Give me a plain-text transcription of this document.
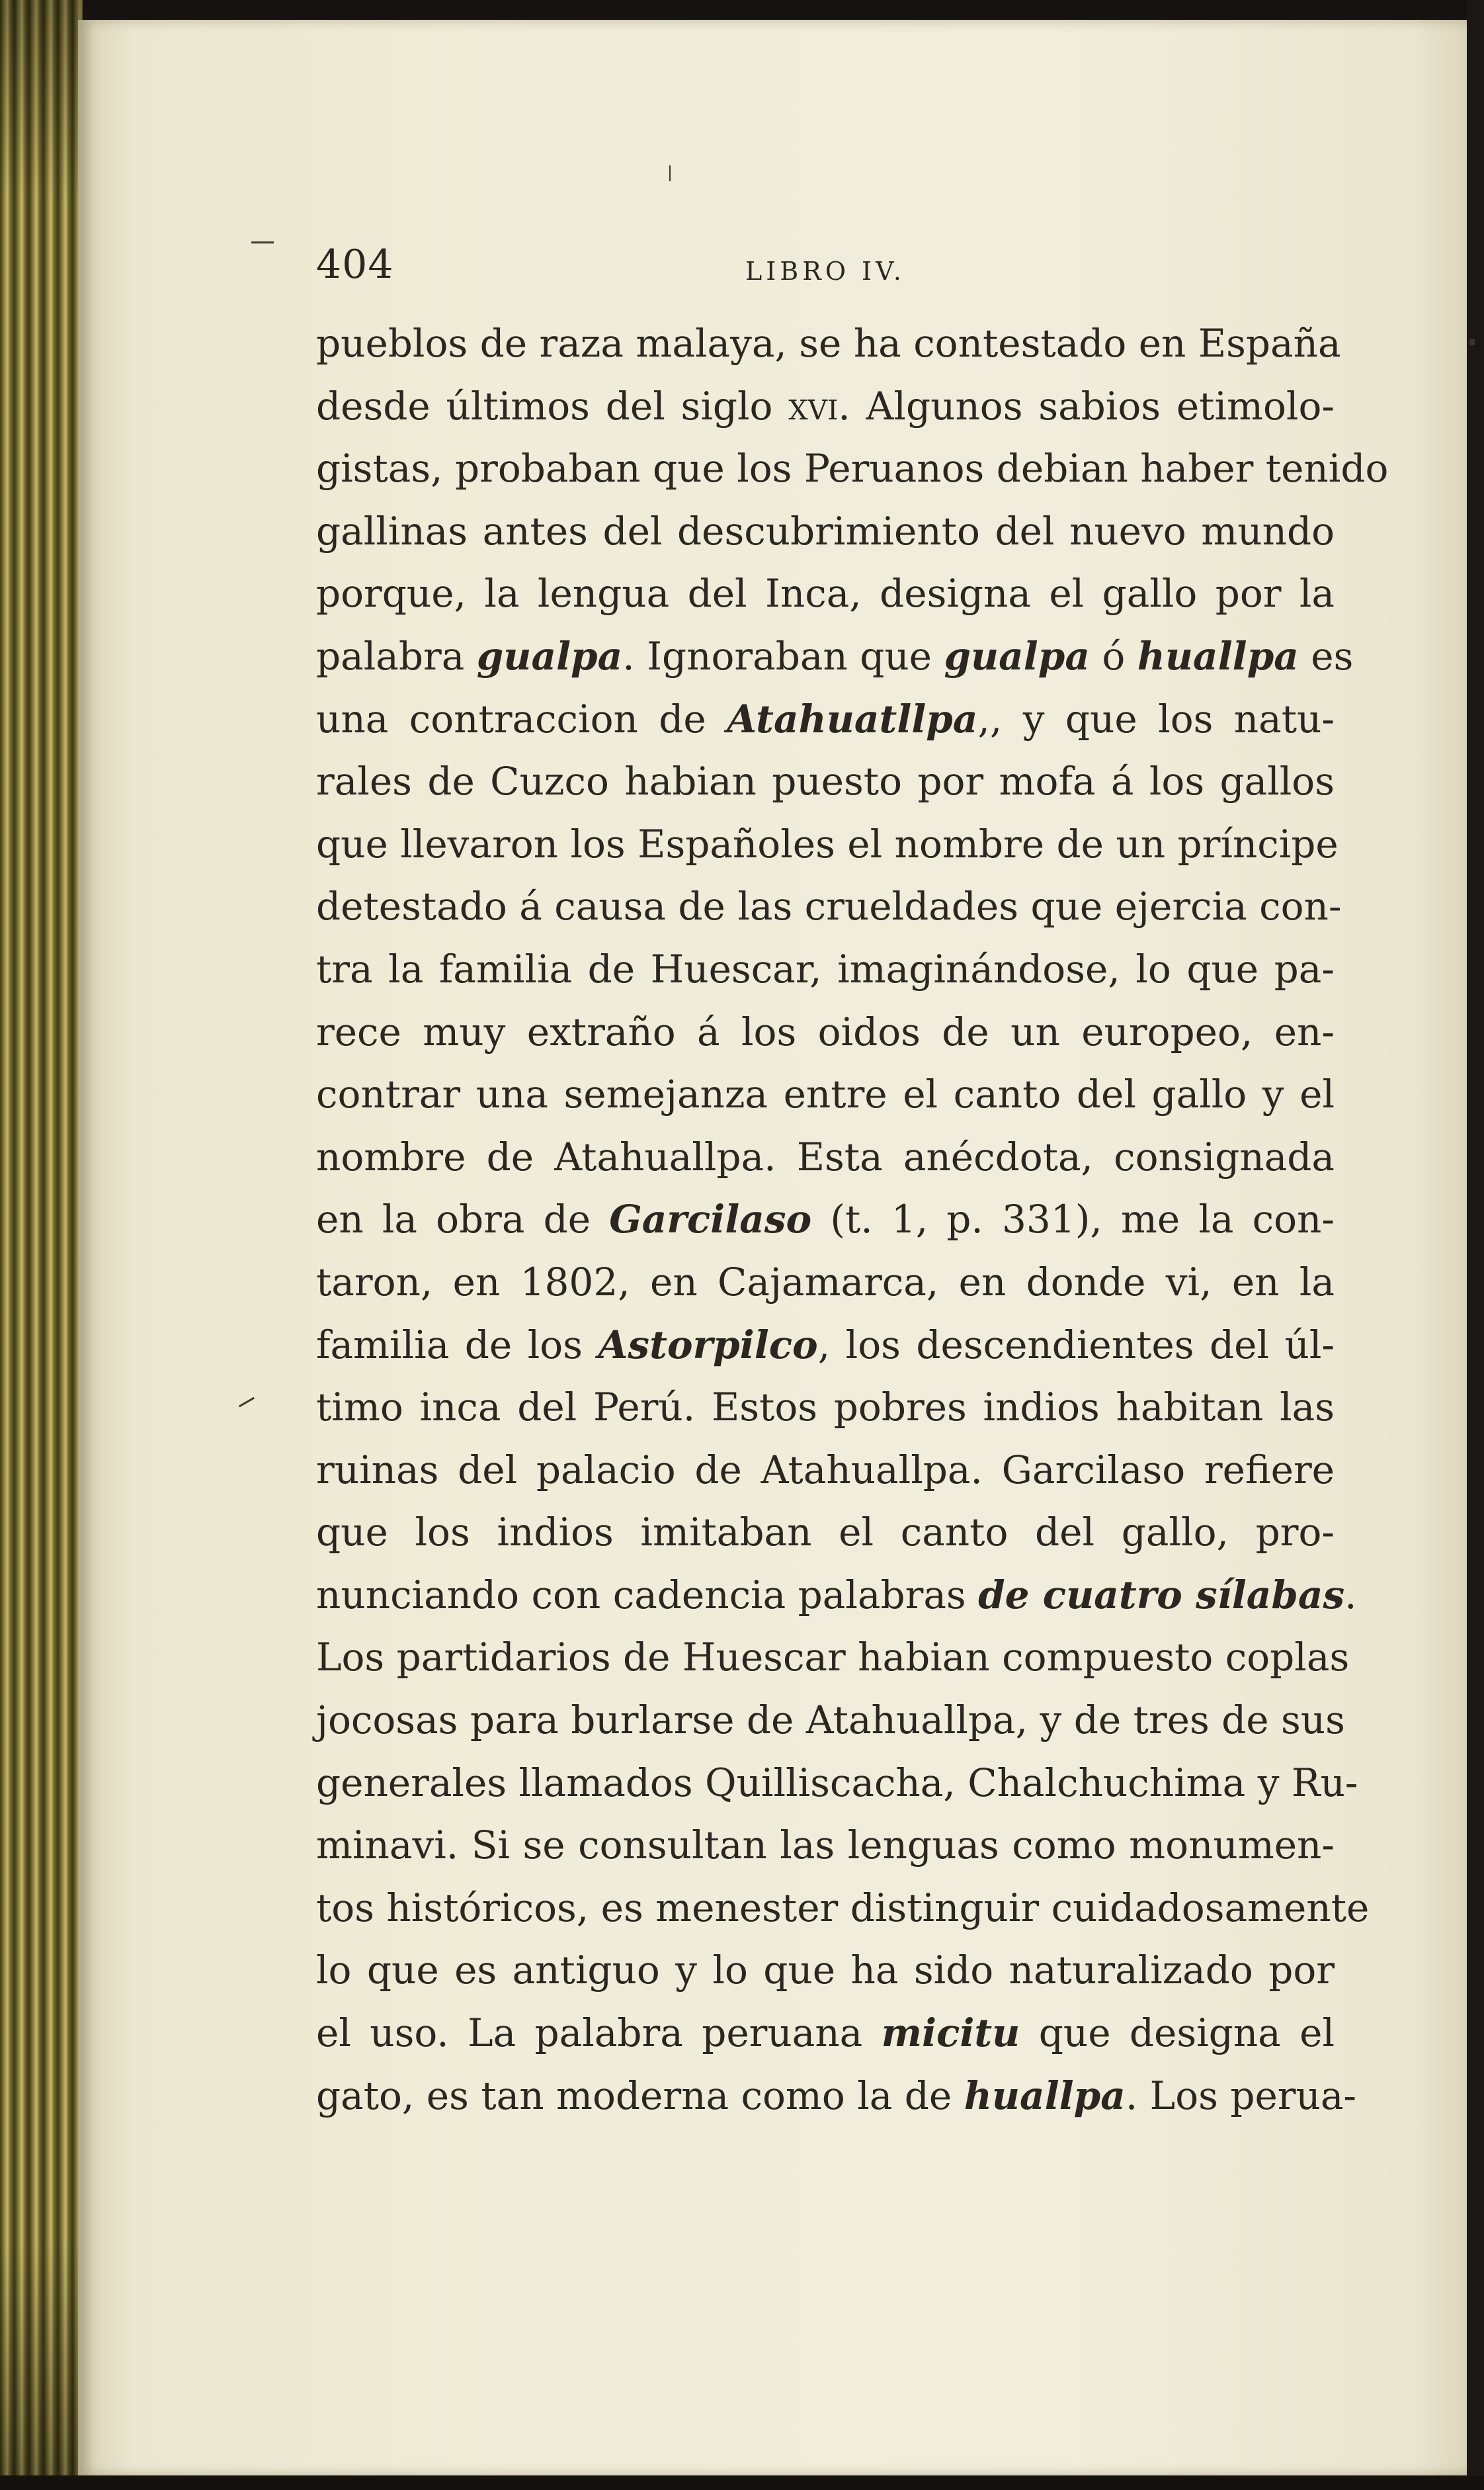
404	LIBRO IV.
pueblos de raza malaya, se ha contestado en España
desde últimos del siglo xvi. Algunos sabios etimolo-
gistas, probaban que los Peruanos debian haber tenido
gallinas antes del descubrimiento del nuevo mundo
porque, la lengua del Inca, designa el gallo por la
palabra gualpa. Ignoraban que gualpa ó huallpa es
una contraccion de Atahuatllpa,, y que los natu-
rales de Cuzco habian puesto por mofa á los gallos
que llevaron los Españoles el nombre de un príncipe
detestado á causa de las crueldades que ejercia con-
tra la familia de Huescar, imaginándose, lo que pa-
rece muy extraño á los oidos de un europeo, en-
contrar una semejanza entre el canto del gallo y el
nombre de Atahuallpa. Esta anécdota, consignada
en la obra de Garcilaso (t. 1, p. 331), me la con-
taron, en 1802, en Cajamarca, en donde vi, en la
familia de los Astorpilco, los descendientes del úl-
timo inca del Perú. Estos pobres indios habitan las
ruinas del palacio de Atahuallpa. Garcilaso refiere
que los indios imitaban el canto del gallo, pro-
nunciando con cadencia palabras de cuatro sílabas.
Los partidarios de Huescar habian compuesto coplas
jocosas para burlarse de Atahuallpa, y de tres de sus
generales llamados Quilliscacha, Chalchuchima y Ru-
minavi. Si se consultan las lenguas como monumen-
tos históricos, es menester distinguir cuidadosamente
lo que es antiguo y lo que ha sido naturalizado por
el uso. La palabra peruana micitu que designa el
gato, es tan moderna como la de huallpa. Los perua-
